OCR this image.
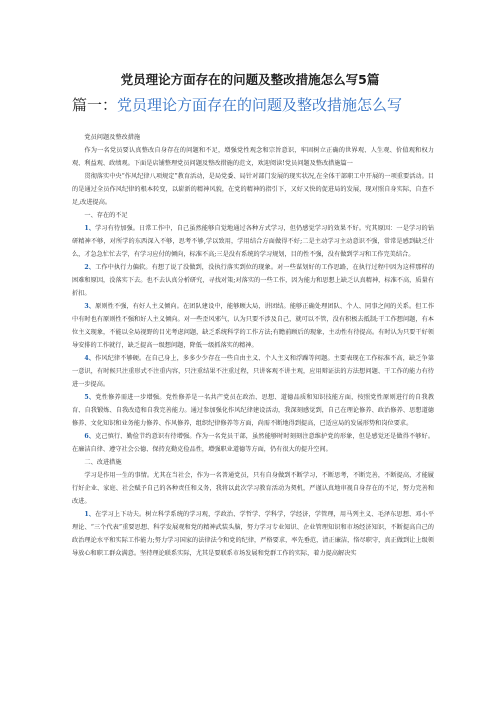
党员理论方面存在的问题及整改措施怎么写5篇
篇一：党员理论方面存在的问题及整改措施怎么写

党员问题及整改措施

作为一名党员要认真整改自身存在的问题和不足，增强党性观念和宗旨意识，牢固树立正确的世界观、人生观、价值观和权力观、利益观、政绩观。下面是店铺整理党员问题及整改措施的范文，欢迎阅读!党员问题及整改措施篇一

贯彻落实中央“作风纪律八项规定”教育活动，是局党委、局针对部门发展的现实状况,在全体干部职工中开展的一项重要活动。目的是通过全员作风纪律的根本转变，以崭新的精神风貌，在党的精神的指引下，又好又快的促进局的发展，现对照自身实际，自查不足,改进提高。

一、存在的不足

1、学习有待加强。日常工作中，自己虽然能够自觉地通过各种方式学习，但仍感觉学习的效果不好。究其原因：一是学习的钻研精神不够，对所学的东西深入不够，思考不够,学以致用，学用结合方面做得不好;二是主动学习主动意识不强，常常是感到缺乏什么，才急急忙忙去学，有学习应付的倾向，标准不高;三是没有系统的学习规划，目的性不强，没有做到学习和工作完美结合。

2、工作中执行力偏软。有想了说了没做到，没执行落实到位的现象。对一些谋划好的工作思路，在执行过程中因为这样那样的困难和原因，没落实下去。也不去认真分析研究，寻找对策;对落实的一些工作，因为能力和思想上缺乏认真精神，标准不高，质量有折扣。

3、原则性不强，有好人主义倾向。在团队建设中，能够顾大局，讲团结。能够正确处理团队、个人、同事之间的关系。但工作中有时也有原则性不强和好人主义倾向。对一些歪风邪气，认为只要不涉及自己，就可以不管，没有积极去抵制;干工作想问题，有本位主义现象，不能以全局视野的目光考虑问题，缺乏系统科学的工作方法;有瞻前顾后的现象，主动性有待提高。有时认为只要干好领导安排的工作就行，缺乏提高一级想问题，降低一级抓落实的精神。

4、作风纪律不够硬。在自己身上，多多少少存在一些自由主义、个人主义和浮躁等问题。主要表现在工作标准不高，缺乏争第一意识，有时候只注重形式不注重内容，只注重结果不注重过程，只讲客观不讲主观，应用辩证法的方法想问题、干工作的能力有待进一步提高。

5、党性修养需进一步增强。党性修养是一名共产党员在政治、思想、道德品质和知识技能方面，按照党性原则进行的自我教育、自我锻炼、自我改造和自我完善能力。通过参加强化作风纪律建设活动，我深刻感觉到，自己在理论修养、政治修养、思想道德修养、文化知识和业务能力修养、作风修养，组织纪律修养等方面，尚需不断地得到提高，已适应局的发展形势和岗位要求。

6、克己慎行、勤俭节约意识有待增强。作为一名党员干部，虽然能够时时刻刻注意维护党的形象，但是感觉还是做得不够好。在廉洁自律、遵守社会公德、保持克勤克俭品性，增强职业道德等方面，仍有很大的提升空间。

二、改进措施

学习是作用一生的事情。尤其在当社会，作为一名普通党员，只有自身做到不断学习，不断思考，不断完善，不断提高，才能履行好企业、家庭、社会赋予自己的各种责任和义务，我将以此次学习教育活动为契机，严谨认真地审视自身存在的不足，努力完善和改进。

1、在学习上下功夫。树立科学系统的学习观，学政治、学哲学、学科学，学经济，学管理，用马列主义、毛泽东思想、邓小平理论、“三个代表”重要思想、科学发展观和党的精神武装头脑，努力学习专业知识、企业管理知识和市场经济知识，不断提高自己的政治理论水平和实际工作能力;努力学习国家的法律法令和党的纪律，严格要求，率先垂范，清正廉洁，恪尽职守，真正做到让上级领导放心和职工群众满意。坚持理论联系实际，尤其是要联系市场发展和党群工作的实际，着力提高解决实
